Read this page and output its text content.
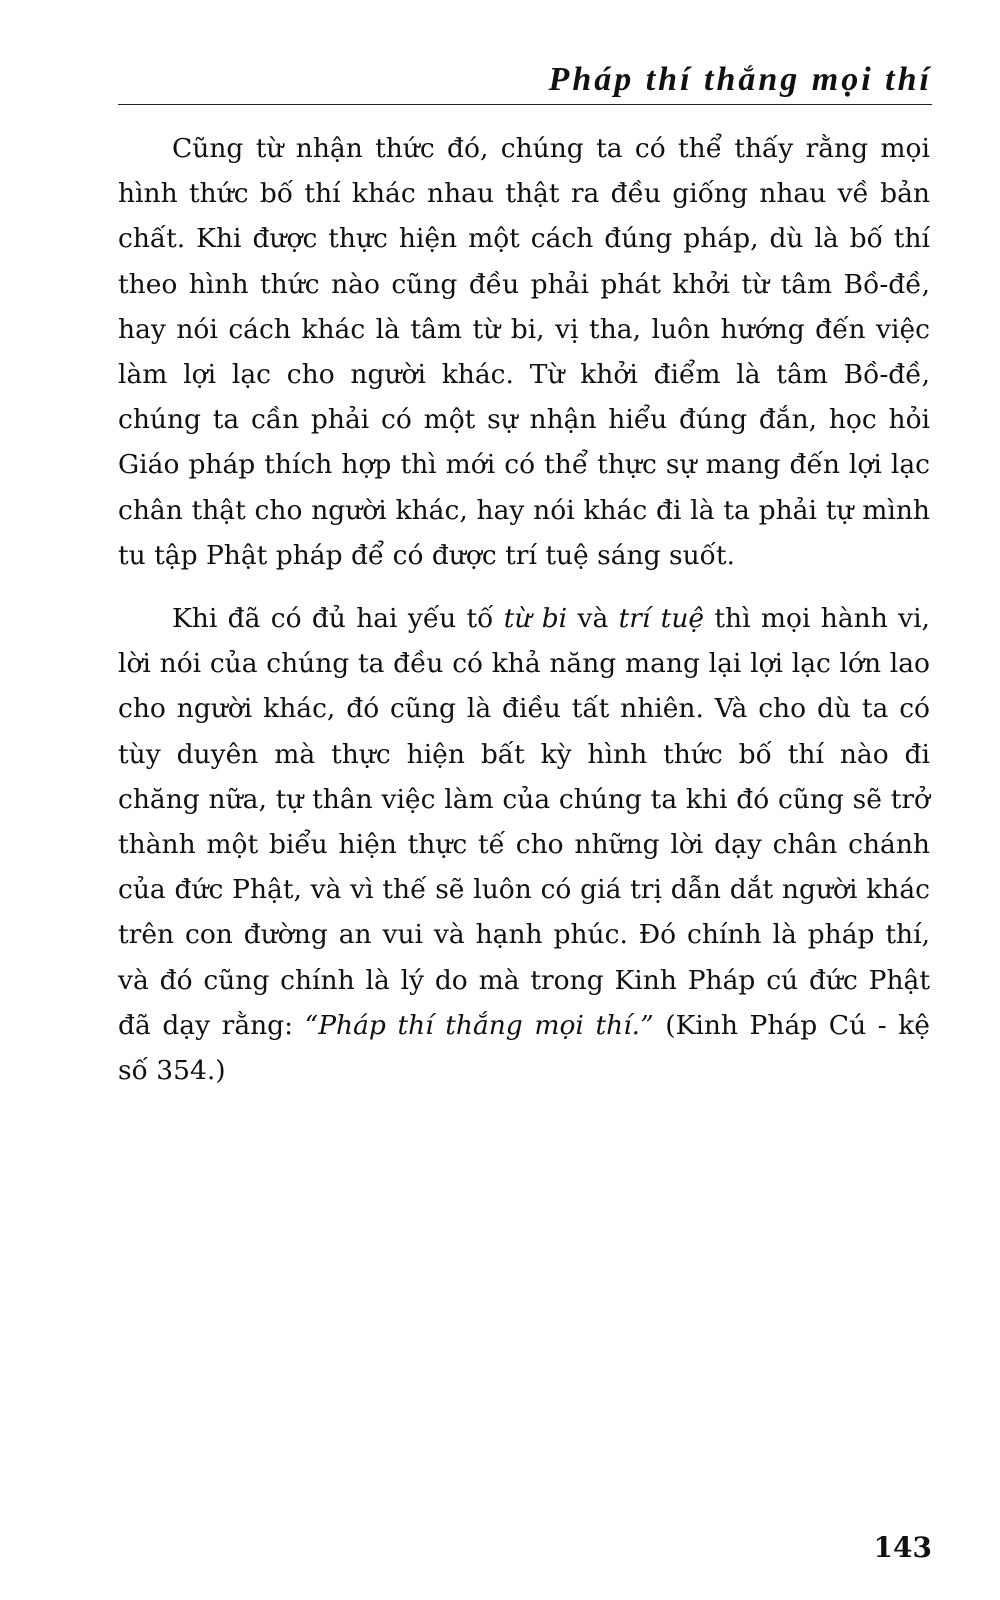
Pháp thí thắng mọi thí

Cũng từ nhận thức đó, chúng ta có thể thấy rằng mọi hình thức bố thí khác nhau thật ra đều giống nhau về bản chất. Khi được thực hiện một cách đúng pháp, dù là bố thí theo hình thức nào cũng đều phải phát khởi từ tâm Bồ-đề, hay nói cách khác là tâm từ bi, vị tha, luôn hướng đến việc làm lợi lạc cho người khác. Từ khởi điểm là tâm Bồ-đề, chúng ta cần phải có một sự nhận hiểu đúng đắn, học hỏi Giáo pháp thích hợp thì mới có thể thực sự mang đến lợi lạc chân thật cho người khác, hay nói khác đi là ta phải tự mình tu tập Phật pháp để có được trí tuệ sáng suốt.

Khi đã có đủ hai yếu tố từ bi và trí tuệ thì mọi hành vi, lời nói của chúng ta đều có khả năng mang lại lợi lạc lớn lao cho người khác, đó cũng là điều tất nhiên. Và cho dù ta có tùy duyên mà thực hiện bất kỳ hình thức bố thí nào đi chăng nữa, tự thân việc làm của chúng ta khi đó cũng sẽ trở thành một biểu hiện thực tế cho những lời dạy chân chánh của đức Phật, và vì thế sẽ luôn có giá trị dẫn dắt người khác trên con đường an vui và hạnh phúc. Đó chính là pháp thí, và đó cũng chính là lý do mà trong Kinh Pháp cú đức Phật đã dạy rằng: “Pháp thí thắng mọi thí.” (Kinh Pháp Cú - kệ số 354.)

143
